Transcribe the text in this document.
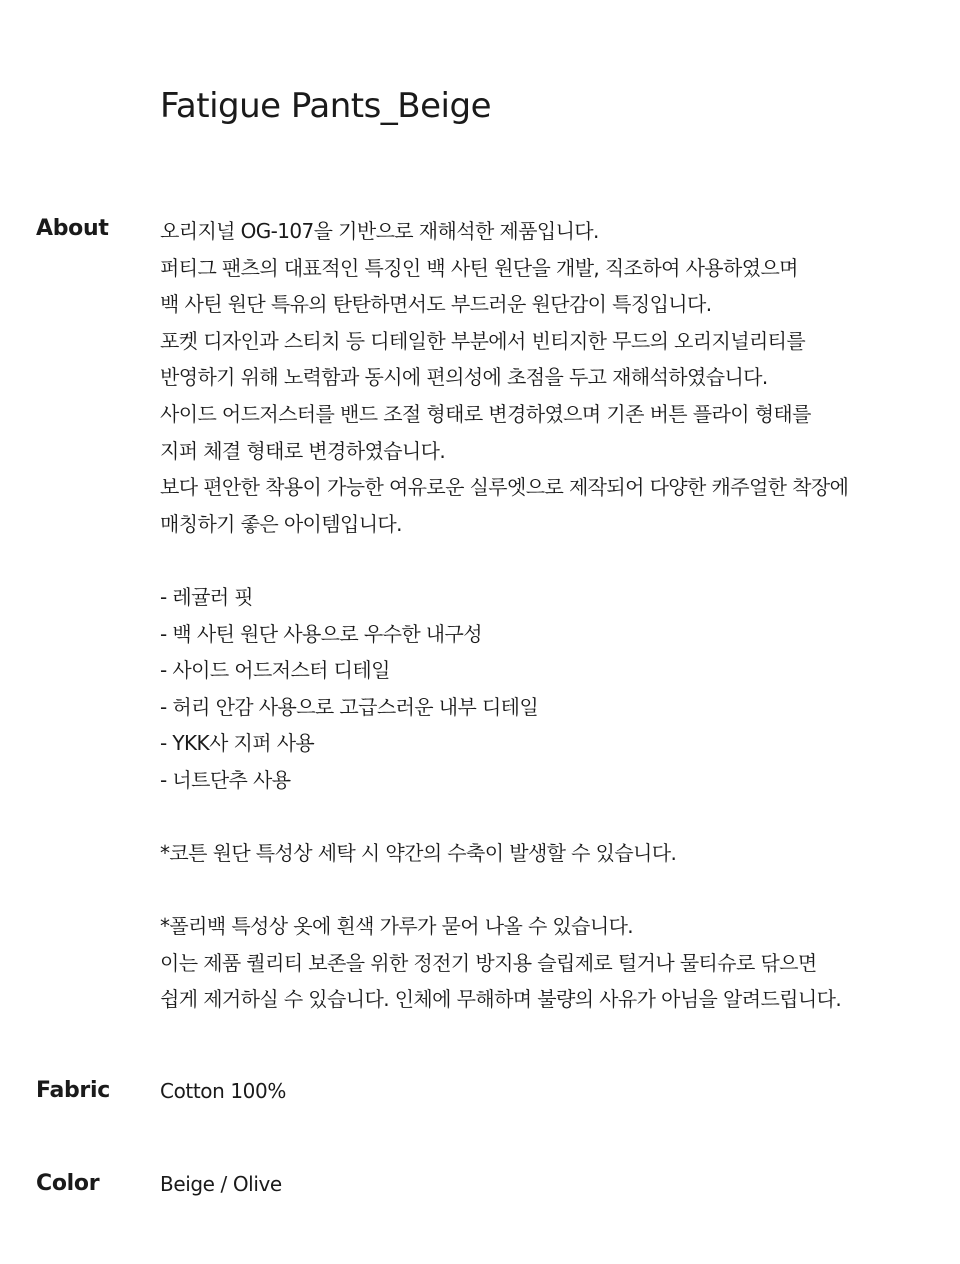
Fatigue Pants_Beige
About	오리지널 OG-107을 기반으로 재해석한 제품입니다.
퍼티그 팬츠의 대표적인 특징인 백 사틴 원단을 개발, 직조하여 사용하였으며
백 사틴 원단 특유의 탄탄하면서도 부드러운 원단감이 특징입니다.
포켓 디자인과 스티치 등 디테일한 부분에서 빈티지한 무드의 오리지널리티를
반영하기 위해 노력함과 동시에 편의성에 초점을 두고 재해석하였습니다.
사이드 어드저스터를 밴드 조절 형태로 변경하였으며 기존 버튼 플라이 형태를
지퍼 체결 형태로 변경하였습니다.
보다 편안한 착용이 가능한 여유로운 실루엣으로 제작되어 다양한 캐주얼한 착장에
매칭하기 좋은 아이템입니다.
- 레귤러 핏
- 백 사틴 원단 사용으로 우수한 내구성
- 사이드 어드저스터 디테일
- 허리 안감 사용으로 고급스러운 내부 디테일
- YKK사 지퍼 사용
- 너트단추 사용
*코튼 원단 특성상 세탁 시 약간의 수축이 발생할 수 있습니다.
*폴리백 특성상 옷에 흰색 가루가 묻어 나올 수 있습니다.
이는 제품 퀄리티 보존을 위한 정전기 방지용 슬립제로 털거나 물티슈로 닦으면
쉽게 제거하실 수 있습니다. 인체에 무해하며 불량의 사유가 아님을 알려드립니다.
Fabric	Cotton 100%
Color	Beige / Olive
